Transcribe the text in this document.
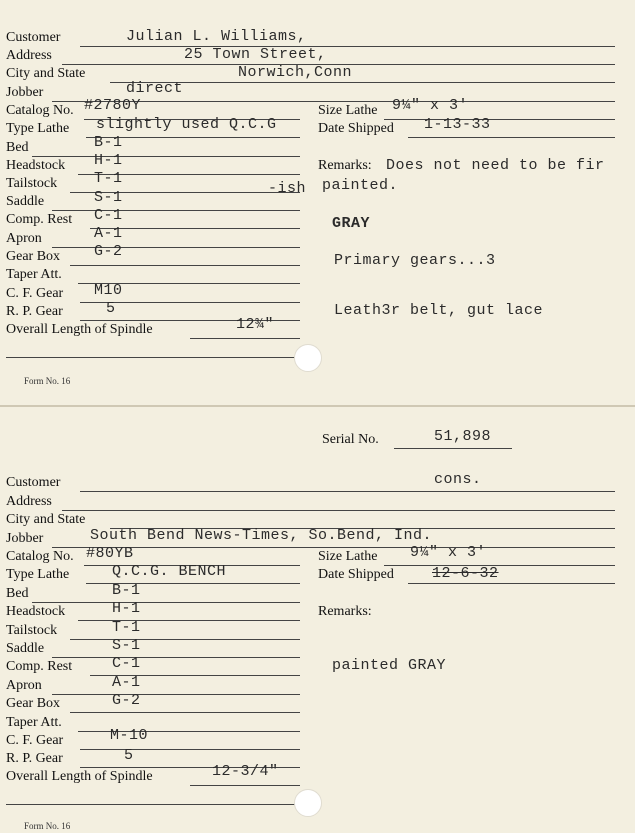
Customer
Address
City and State
Jobber
Catalog No.
Type Lathe
Bed
Headstock
Tailstock
Saddle
Comp. Rest
Apron
Gear Box
Taper Att.
C. F. Gear
R. P. Gear
Overall Length of Spindle
Size Lathe
Date Shipped
Remarks:
Julian L. Williams,
25 Town Street,
Norwich,Conn
direct
#2780Y
slightly used Q.C.G
B-1
H-1
T-1
-ish
S-1
C-1
A-1
G-2
M10
5
12¾"
9¼" x 3'
1-13-33
Does not need to be fir
painted.
GRAY
Primary gears...3
Leath3r belt, gut lace
Form No. 16
Serial No.	51,898
Customer
Address
City and State
Jobber
Catalog No.
Type Lathe
Bed
Headstock
Tailstock
Saddle
Comp. Rest
Apron
Gear Box
Taper Att.
C. F. Gear
R. P. Gear
Overall Length of Spindle
Size Lathe
Date Shipped
Remarks:
cons.
South Bend News-Times, So.Bend, Ind.
#80YB
Q.C.G. BENCH
B-1
H-1
T-1
S-1
C-1
A-1
G-2
M-10
5
12-3/4"
9¼" x 3'
12-6-32
painted GRAY
Form No. 16
